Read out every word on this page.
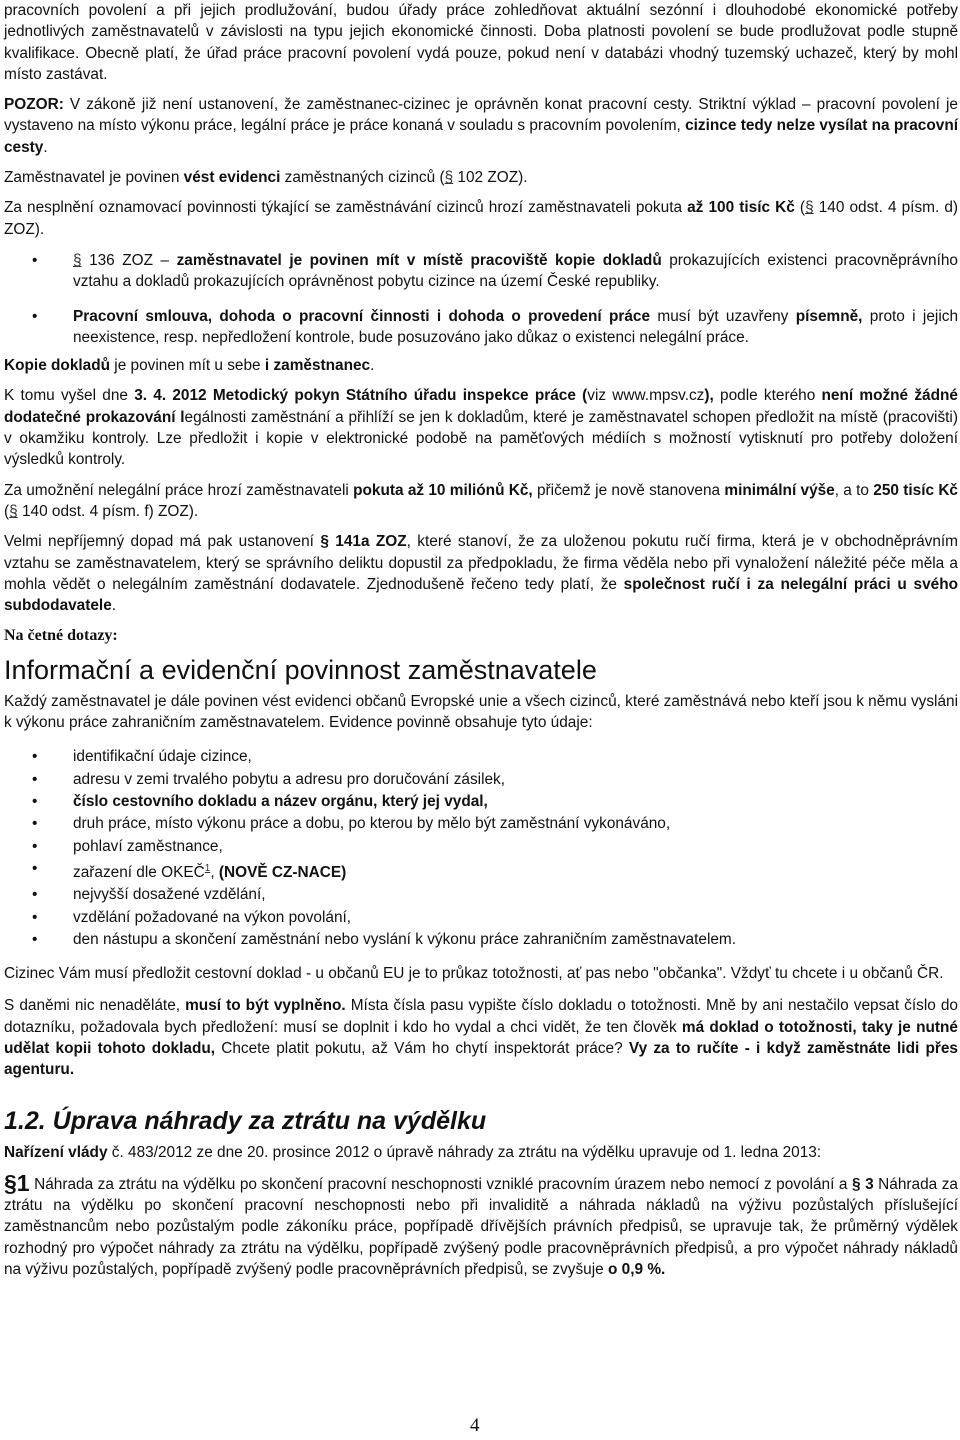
pracovních povolení a při jejich prodlužování, budou úřady práce zohledňovat aktuální sezónní i dlouhodobé ekonomické potřeby jednotlivých zaměstnavatelů v závislosti na typu jejich ekonomické činnosti. Doba platnosti povolení se bude prodlužovat podle stupně kvalifikace. Obecně platí, že úřad práce pracovní povolení vydá pouze, pokud není v databázi vhodný tuzemský uchazeč, který by mohl místo zastávat.

POZOR: V zákoně již není ustanovení, že zaměstnanec-cizinec je oprávněn konat pracovní cesty. Striktní výklad – pracovní povolení je vystaveno na místo výkonu práce, legální práce je práce konaná v souladu s pracovním povolením, cizince tedy nelze vysílat na pracovní cesty.

Zaměstnavatel je povinen vést evidenci zaměstnaných cizinců (§ 102 ZOZ).

Za nesplnění oznamovací povinnosti týkající se zaměstnávání cizinců hrozí zaměstnavateli pokuta až 100 tisíc Kč (§ 140 odst. 4 písm. d) ZOZ).

• § 136 ZOZ – zaměstnavatel je povinen mít v místě pracoviště kopie dokladů prokazujících existenci pracovněprávního vztahu a dokladů prokazujících oprávněnost pobytu cizince na území České republiky.
• Pracovní smlouva, dohoda o pracovní činnosti i dohoda o provedení práce musí být uzavřeny písemně, proto i jejich neexistence, resp. nepředložení kontrole, bude posuzováno jako důkaz o existenci nelegální práce.

Kopie dokladů je povinen mít u sebe i zaměstnanec.

K tomu vyšel dne 3. 4. 2012 Metodický pokyn Státního úřadu inspekce práce (viz www.mpsv.cz), podle kterého není možné žádné dodatečné prokazování legálnosti zaměstnání a přihlíží se jen k dokladům, které je zaměstnavatel schopen předložit na místě (pracovišti) v okamžiku kontroly. Lze předložit i kopie v elektronické podobě na paměťových médiích s možností vytisknutí pro potřeby doložení výsledků kontroly.

Za umožnění nelegální práce hrozí zaměstnavateli pokuta až 10 miliónů Kč, přičemž je nově stanovena minimální výše, a to 250 tisíc Kč (§ 140 odst. 4 písm. f) ZOZ).

Velmi nepříjemný dopad má pak ustanovení § 141a ZOZ, které stanoví, že za uloženou pokutu ručí firma, která je v obchodněprávním vztahu se zaměstnavatelem, který se správního deliktu dopustil za předpokladu, že firma věděla nebo při vynaložení náležité péče měla a mohla vědět o nelegálním zaměstnání dodavatele. Zjednodušeně řečeno tedy platí, že společnost ručí i za nelegální práci u svého subdodavatele.

Na četné dotazy:

Informační a evidenční povinnost zaměstnavatele

Každý zaměstnavatel je dále povinen vést evidenci občanů Evropské unie a všech cizinců, které zaměstnává nebo kteří jsou k němu vysláni k výkonu práce zahraničním zaměstnavatelem. Evidence povinně obsahuje tyto údaje:

• identifikační údaje cizince,
• adresu v zemi trvalého pobytu a adresu pro doručování zásilek,
• číslo cestovního dokladu a název orgánu, který jej vydal,
• druh práce, místo výkonu práce a dobu, po kterou by mělo být zaměstnání vykonáváno,
• pohlaví zaměstnance,
• zařazení dle OKEČ$^1$, (NOVĚ CZ-NACE)
• nejvyšší dosažené vzdělání,
• vzdělání požadované na výkon povolání,
• den nástupu a skončení zaměstnání nebo vyslání k výkonu práce zahraničním zaměstnavatelem.

Cizinec Vám musí předložit cestovní doklad - u občanů EU je to průkaz totožnosti, ať pas nebo "občanka". Vždyť tu chcete i u občanů ČR.

S daněmi nic nenaděláte, musí to být vyplněno. Místa čísla pasu vypište číslo dokladu o totožnosti. Mně by ani nestačilo vepsat číslo do dotazníku, požadovala bych předložení: musí se doplnit i kdo ho vydal a chci vidět, že ten člověk má doklad o totožnosti, taky je nutné udělat kopii tohoto dokladu, Chcete platit pokutu, až Vám ho chytí inspektorát práce? Vy za to ručíte - i když zaměstnáte lidi přes agenturu.

1.2. Úprava náhrady za ztrátu na výdělku

Nařízení vlády č. 483/2012 ze dne 20. prosince 2012 o úpravě náhrady za ztrátu na výdělku upravuje od 1. ledna 2013:

§1 Náhrada za ztrátu na výdělku po skončení pracovní neschopnosti vzniklé pracovním úrazem nebo nemocí z povolání a § 3 Náhrada za ztrátu na výdělku po skončení pracovní neschopnosti nebo při invaliditě a náhrada nákladů na výživu pozůstalých příslušející zaměstnancům nebo pozůstalým podle zákoníku práce, popřípadě dřívějších právních předpisů, se upravuje tak, že průměrný výdělek rozhodný pro výpočet náhrady za ztrátu na výdělku, popřípadě zvýšený podle pracovněprávních předpisů, a pro výpočet náhrady nákladů na výživu pozůstalých, popřípadě zvýšený podle pracovněprávních předpisů, se zvyšuje o 0,9 %.

4
